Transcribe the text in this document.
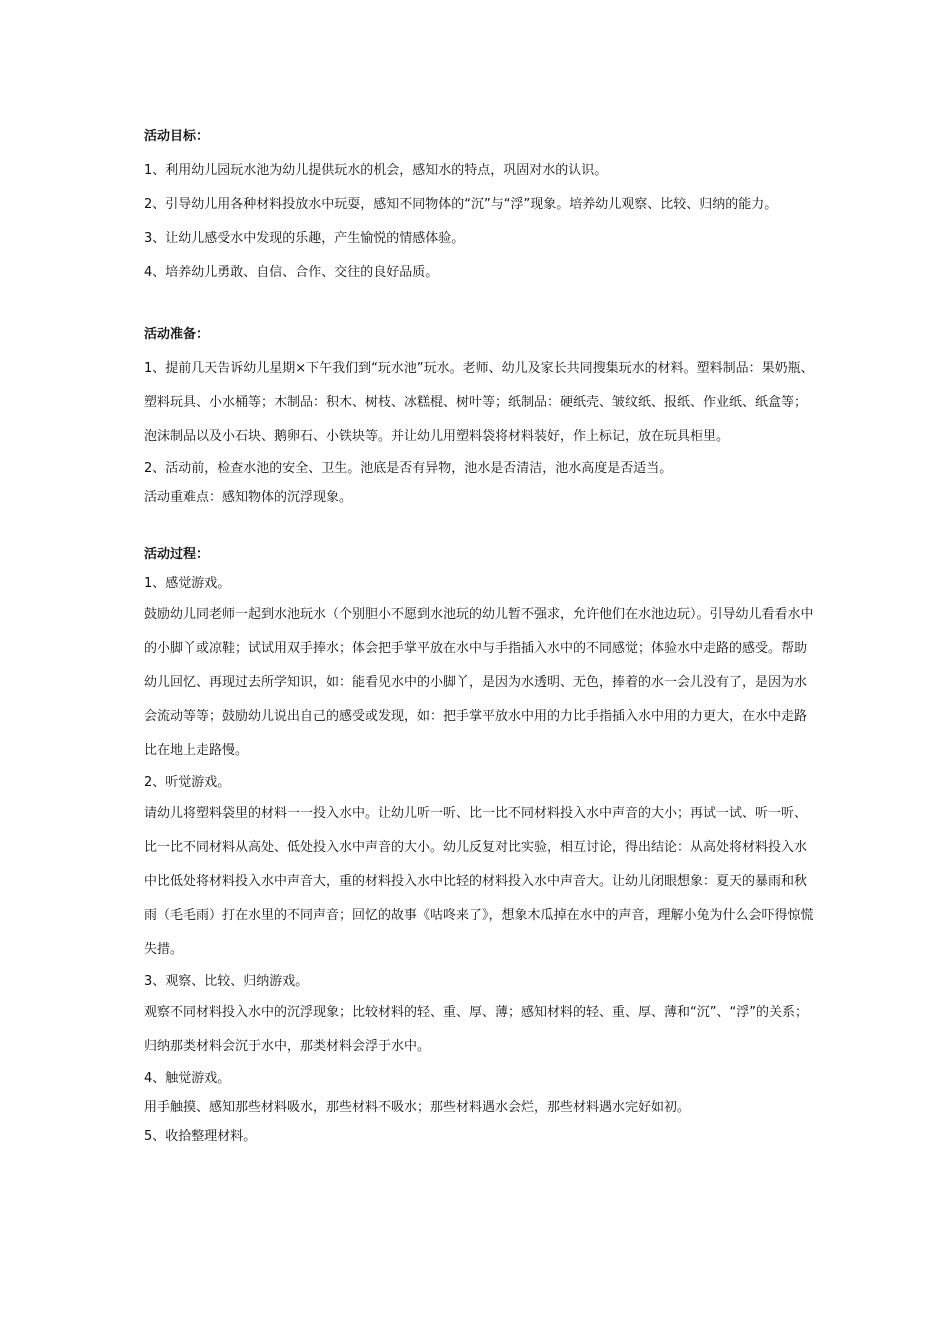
活动目标：

1、利用幼儿园玩水池为幼儿提供玩水的机会，感知水的特点，巩固对水的认识。

2、引导幼儿用各种材料投放水中玩耍，感知不同物体的“沉”与“浮”现象。培养幼儿观察、比较、归纳的能力。

3、让幼儿感受水中发现的乐趣，产生愉悦的情感体验。

4、培养幼儿勇敢、自信、合作、交往的良好品质。

活动准备：

1、提前几天告诉幼儿星期×下午我们到“玩水池”玩水。老师、幼儿及家长共同搜集玩水的材料。塑料制品：果奶瓶、塑料玩具、小水桶等；木制品：积木、树枝、冰糕棍、树叶等；纸制品：硬纸壳、皱纹纸、报纸、作业纸、纸盒等；泡沫制品以及小石块、鹅卵石、小铁块等。并让幼儿用塑料袋将材料装好，作上标记，放在玩具柜里。

2、活动前，检查水池的安全、卫生。池底是否有异物，池水是否清洁，池水高度是否适当。

活动重难点：感知物体的沉浮现象。

活动过程：

1、感觉游戏。

鼓励幼儿同老师一起到水池玩水（个别胆小不愿到水池玩的幼儿暂不强求，允许他们在水池边玩）。引导幼儿看看水中的小脚丫或凉鞋；试试用双手捧水；体会把手掌平放在水中与手指插入水中的不同感觉；体验水中走路的感受。帮助幼儿回忆、再现过去所学知识，如：能看见水中的小脚丫，是因为水透明、无色，捧着的水一会儿没有了，是因为水会流动等等；鼓励幼儿说出自己的感受或发现，如：把手掌平放水中用的力比手指插入水中用的力更大，在水中走路比在地上走路慢。

2、听觉游戏。

请幼儿将塑料袋里的材料一一投入水中。让幼儿听一听、比一比不同材料投入水中声音的大小；再试一试、听一听、比一比不同材料从高处、低处投入水中声音的大小。幼儿反复对比实验，相互讨论，得出结论：从高处将材料投入水中比低处将材料投入水中声音大，重的材料投入水中比轻的材料投入水中声音大。让幼儿闭眼想象：夏天的暴雨和秋雨（毛毛雨）打在水里的不同声音；回忆的故事《咕咚来了》，想象木瓜掉在水中的声音，理解小兔为什么会吓得惊慌失措。

3、观察、比较、归纳游戏。

观察不同材料投入水中的沉浮现象；比较材料的轻、重、厚、薄；感知材料的轻、重、厚、薄和“沉”、“浮”的关系；归纳那类材料会沉于水中，那类材料会浮于水中。

4、触觉游戏。

用手触摸、感知那些材料吸水，那些材料不吸水；那些材料遇水会烂，那些材料遇水完好如初。

5、收拾整理材料。
